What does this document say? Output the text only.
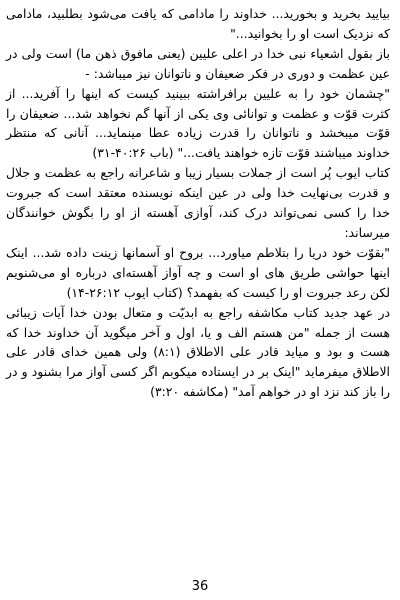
بیایید بخرید و بخورید... خداوند را مادامی که یافت می‌شود بطلبید، مادامی که نزدیک است او را بخوانید..."

باز بقول اشعیاء نبی خدا در اعلی علیین (یعنی مافوق ذهن ما) است ولی در عین عظمت و دوری در فکر ضعیفان و ناتوانان نیز میباشد: -

"چشمان خود را به علیین برافراشته ببینید کیست که اینها را آفرید... از کثرت قوّت و عظمت و توانائی وی یکی از آنها گم نخواهد شد... ضعیفان را قوّت میبخشد و ناتوانان را قدرت زیاده عطا مینماید... آنانی که منتظر خداوند میباشند قوّت تازه خواهند یافت..." (باب ۴۰:۲۶-۳۱)

کتاب ایوب پُر است از جملات بسیار زیبا و شاعرانه راجع به عظمت و جلال و قدرت بی‌نهایت خدا ولی در عین اینکه نویسنده معتقد است که جبروت خدا را کسی نمی‌تواند درک کند، آوازی آهسته از او را بگوش خوانندگان میرساند:

"بقوّت خود دریا را بتلاطم میاورد... بروح او آسمانها زینت داده شد... اینک اینها حواشی طریق های او است و چه آواز آهسته‌ای درباره او می‌شنویم لکن رعد جبروت او را کیست که بفهمد؟ (کتاب ایوب ۲۶:۱۲-۱۴)

در عهد جدید کتاب مکاشفه راجع به ابدیّت و متعال بودن خدا آیات زیبائی هست از جمله "من هستم الف و یا، اول و آخر میگوید آن خداوند خدا که هست و بود و میاید قادر علی الاطلاق (۸:۱) ولی همین خدای قادر علی الاطلاق میفرماید "اینک بر در ایستاده میکوبم اگر کسی آواز مرا بشنود و در را باز کند نزد او در خواهم آمد" (مکاشفه ۳:۲۰)

36
